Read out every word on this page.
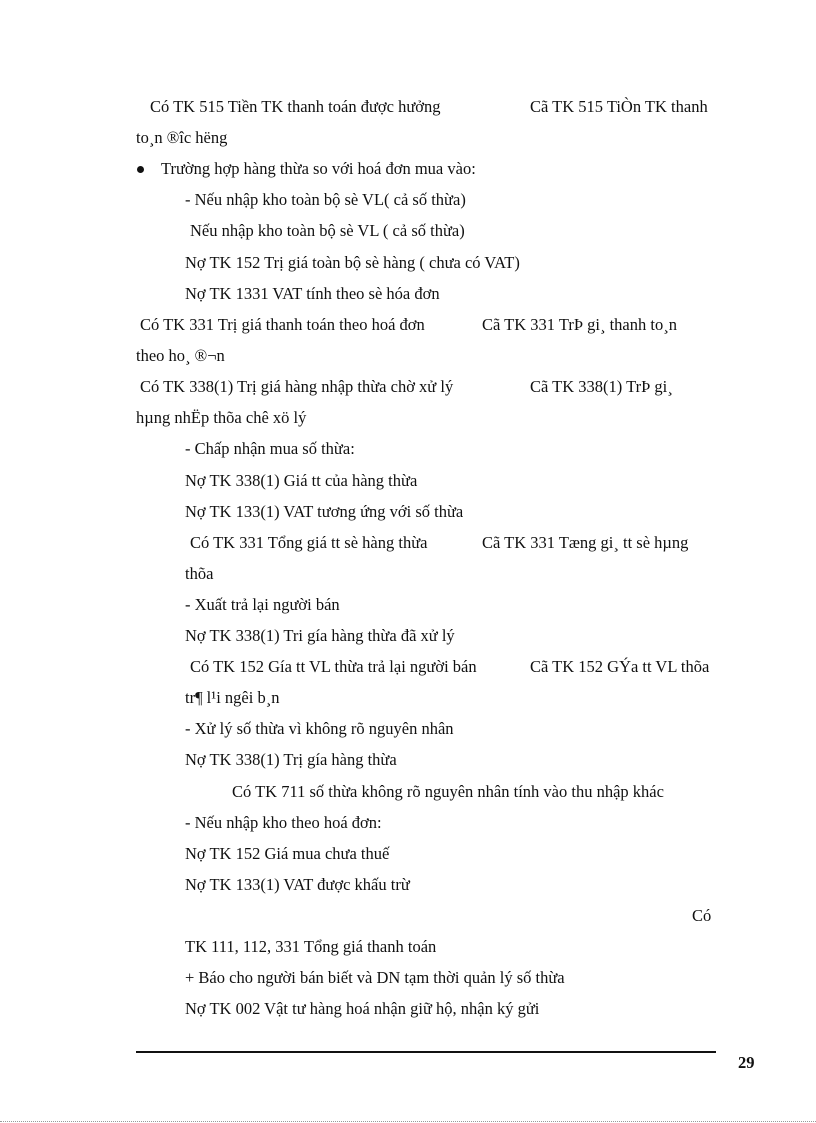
Có TK 515 Tiền TK thanh toán được hưởng	Cã TK 515 TiÒn TK thanh
to¸n ®îc hëng
Trường hợp hàng thừa so với hoá đơn mua vào:
- Nếu nhập kho toàn bộ sè VL( cả số thừa)
Nếu nhập kho toàn bộ sè VL ( cả số thừa)
Nợ TK 152 Trị giá toàn bộ sè hàng ( chưa có VAT)
Nợ TK 1331 VAT tính theo sè hóa đơn
Có TK 331 Trị giá thanh toán theo hoá đơn	Cã TK 331 TrÞ gi¸ thanh to¸n
theo ho¸ ®¬n
Có TK 338(1) Trị giá hàng nhập thừa chờ xử lý	Cã TK 338(1) TrÞ gi¸
hµng nhËp thõa chê xö lý
- Chấp nhận mua số thừa:
Nợ TK 338(1) Giá tt của hàng thừa
Nợ TK 133(1) VAT tương ứng với số thừa
Có TK 331 Tổng giá tt sè hàng thừa	Cã TK 331 Tæng gi¸ tt sè hµng
thõa
- Xuất trả lại người bán
Nợ TK 338(1) Tri gía hàng thừa đã xử lý
Có TK 152 Gía tt VL thừa trả lại người bán	Cã TK 152 GÝa tt VL thõa
tr¶ l¹i ngêi b¸n
- Xử lý số thừa vì không rõ nguyên nhân
Nợ TK 338(1) Trị gía hàng thừa
Có TK 711 số thừa không rõ nguyên nhân tính vào thu nhập khác
- Nếu nhập kho theo hoá đơn:
Nợ TK 152 Giá mua chưa thuế
Nợ TK 133(1) VAT được khấu trừ
Có
TK 111, 112, 331 Tổng giá thanh toán
+ Báo cho người bán biết và DN tạm thời quản lý số thừa
Nợ TK 002 Vật tư hàng hoá nhận giữ hộ, nhận ký gửi
29
